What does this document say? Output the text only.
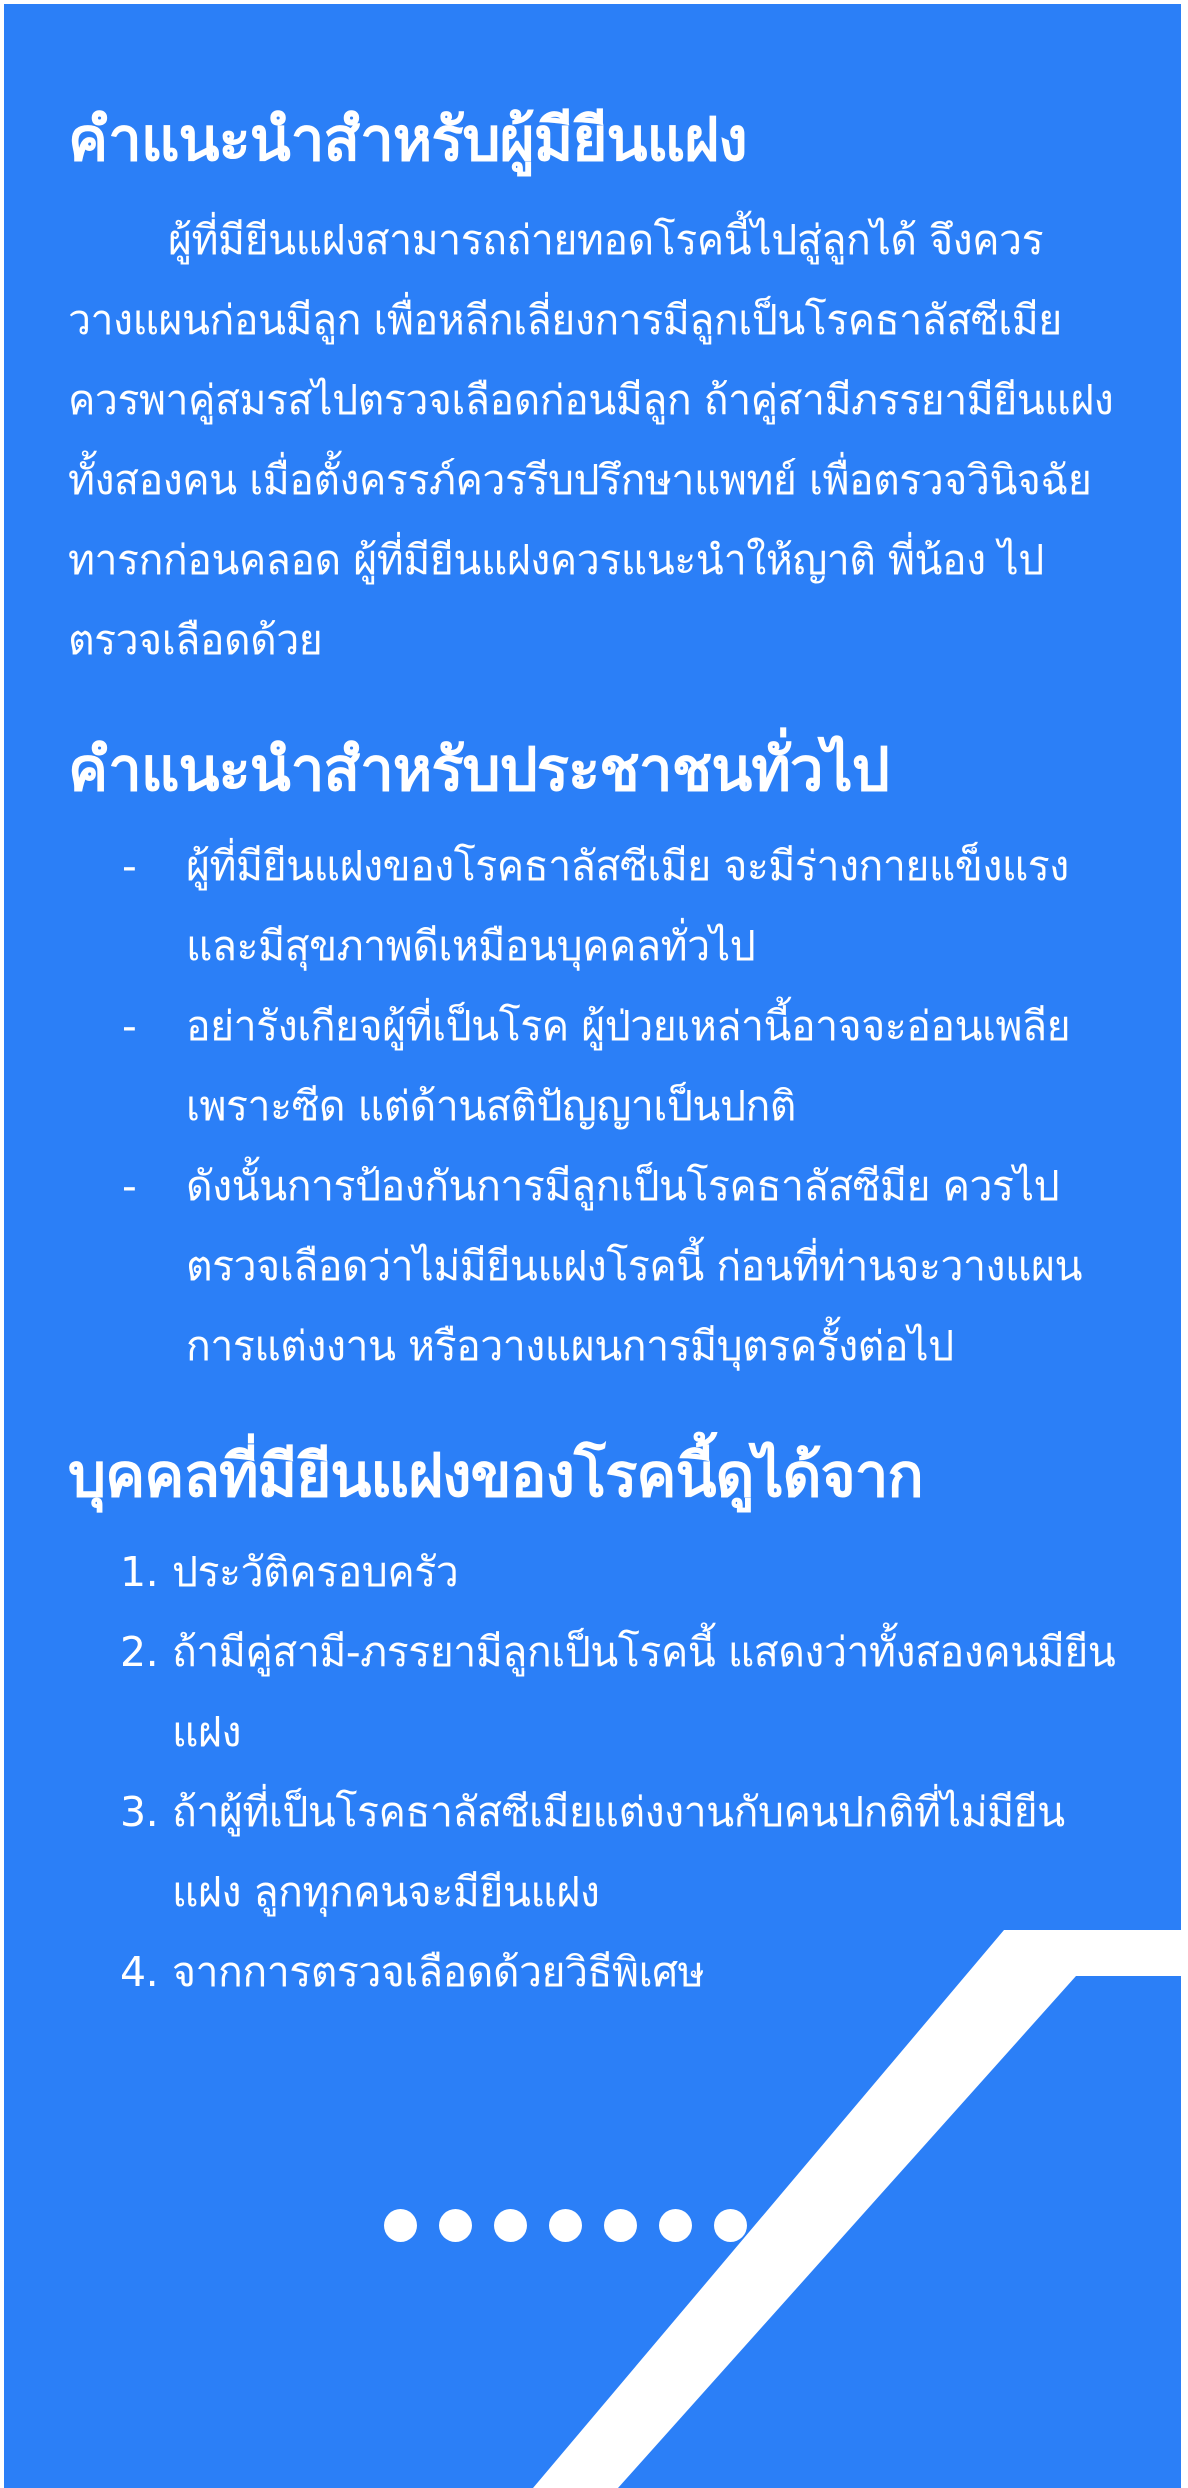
คำแนะนำสำหรับผู้มียีนแฝง

ผู้ที่มียีนแฝงสามารถถ่ายทอดโรคนี้ไปสู่ลูกได้ จึงควรวางแผนก่อนมีลูก เพื่อหลีกเลี่ยงการมีลูกเป็นโรคธาลัสซีเมีย ควรพาคู่สมรสไปตรวจเลือดก่อนมีลูก ถ้าคู่สามีภรรยามียีนแฝงทั้งสองคน เมื่อตั้งครรภ์ควรรีบปรึกษาแพทย์ เพื่อตรวจวินิจฉัยทารกก่อนคลอด ผู้ที่มียีนแฝงควรแนะนำให้ญาติ พี่น้อง ไปตรวจเลือดด้วย

คำแนะนำสำหรับประชาชนทั่วไป
- ผู้ที่มียีนแฝงของโรคธาลัสซีเมีย จะมีร่างกายแข็งแรงและมีสุขภาพดีเหมือนบุคคลทั่วไป
- อย่ารังเกียจผู้ที่เป็นโรค ผู้ป่วยเหล่านี้อาจจะอ่อนเพลียเพราะซีด แต่ด้านสติปัญญาเป็นปกติ
- ดังนั้นการป้องกันการมีลูกเป็นโรคธาลัสซีมีย ควรไปตรวจเลือดว่าไม่มียีนแฝงโรคนี้ ก่อนที่ท่านจะวางแผนการแต่งงาน หรือวางแผนการมีบุตรครั้งต่อไป
บุคคลที่มียีนแฝงของโรคนี้ดูได้จาก
1. ประวัติครอบครัว
2. ถ้ามีคู่สามี-ภรรยามีลูกเป็นโรคนี้ แสดงว่าทั้งสองคนมียีนแฝง
3. ถ้าผู้ที่เป็นโรคธาลัสซีเมียแต่งงานกับคนปกติที่ไม่มียีนแฝง ลูกทุกคนจะมียีนแฝง
4. จากการตรวจเลือดด้วยวิธีพิเศษ
